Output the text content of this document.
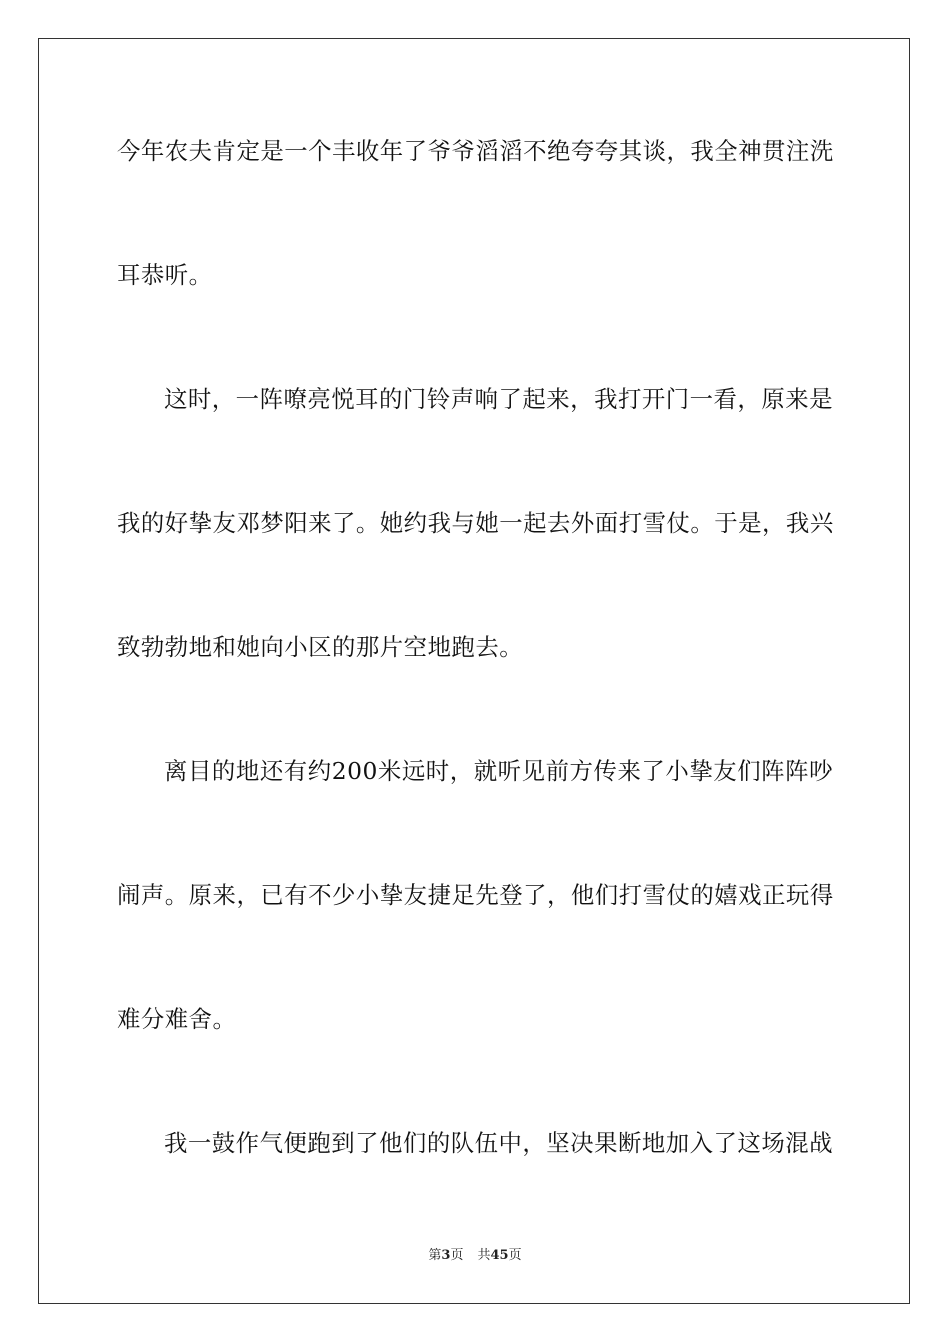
今年农夫肯定是一个丰收年了爷爷滔滔不绝夸夸其谈，我全神贯注洗
耳恭听。
这时，一阵嘹亮悦耳的门铃声响了起来，我打开门一看，原来是
我的好挚友邓梦阳来了。她约我与她一起去外面打雪仗。于是，我兴
致勃勃地和她向小区的那片空地跑去。
离目的地还有约200米远时，就听见前方传来了小挚友们阵阵吵
闹声。原来，已有不少小挚友捷足先登了，他们打雪仗的嬉戏正玩得
难分难舍。
我一鼓作气便跑到了他们的队伍中，坚决果断地加入了这场混战
第3页 共45页
